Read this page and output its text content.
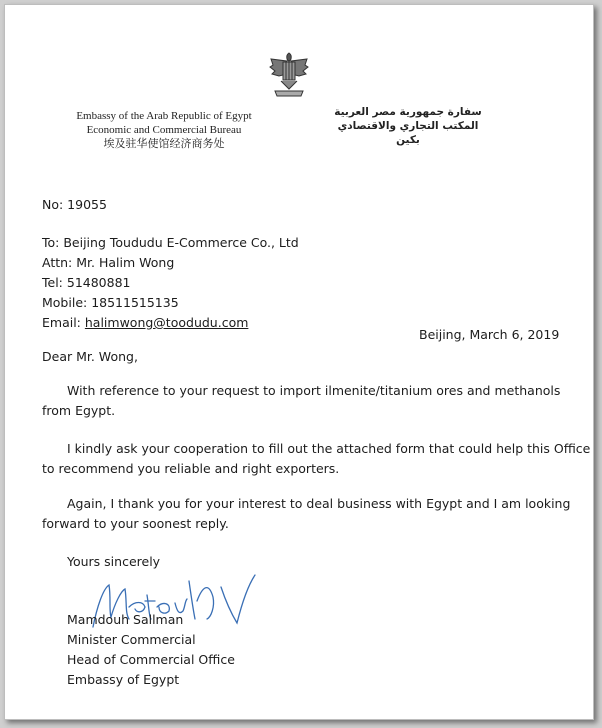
Embassy of the Arab Republic of Egypt
Economic and Commercial Bureau
埃及驻华使馆经济商务处
سفارة جمهورية مصر العربية
المكتب التجاري والاقتصادي
بكين
No: 19055
To: Beijing Toududu E-Commerce Co., Ltd
Attn: Mr. Halim Wong
Tel: 51480881
Mobile: 18511515135
Email: halimwong@toodudu.com
Beijing, March 6, 2019
Dear Mr. Wong,
With reference to your request to import ilmenite/titanium ores and methanols
from Egypt.
I kindly ask your cooperation to fill out the attached form that could help this Office
to recommend you reliable and right exporters.
Again, I thank you for your interest to deal business with Egypt and I am looking
forward to your soonest reply.
Yours sincerely
Mamdouh Sallman
Minister Commercial
Head of Commercial Office
Embassy of Egypt
